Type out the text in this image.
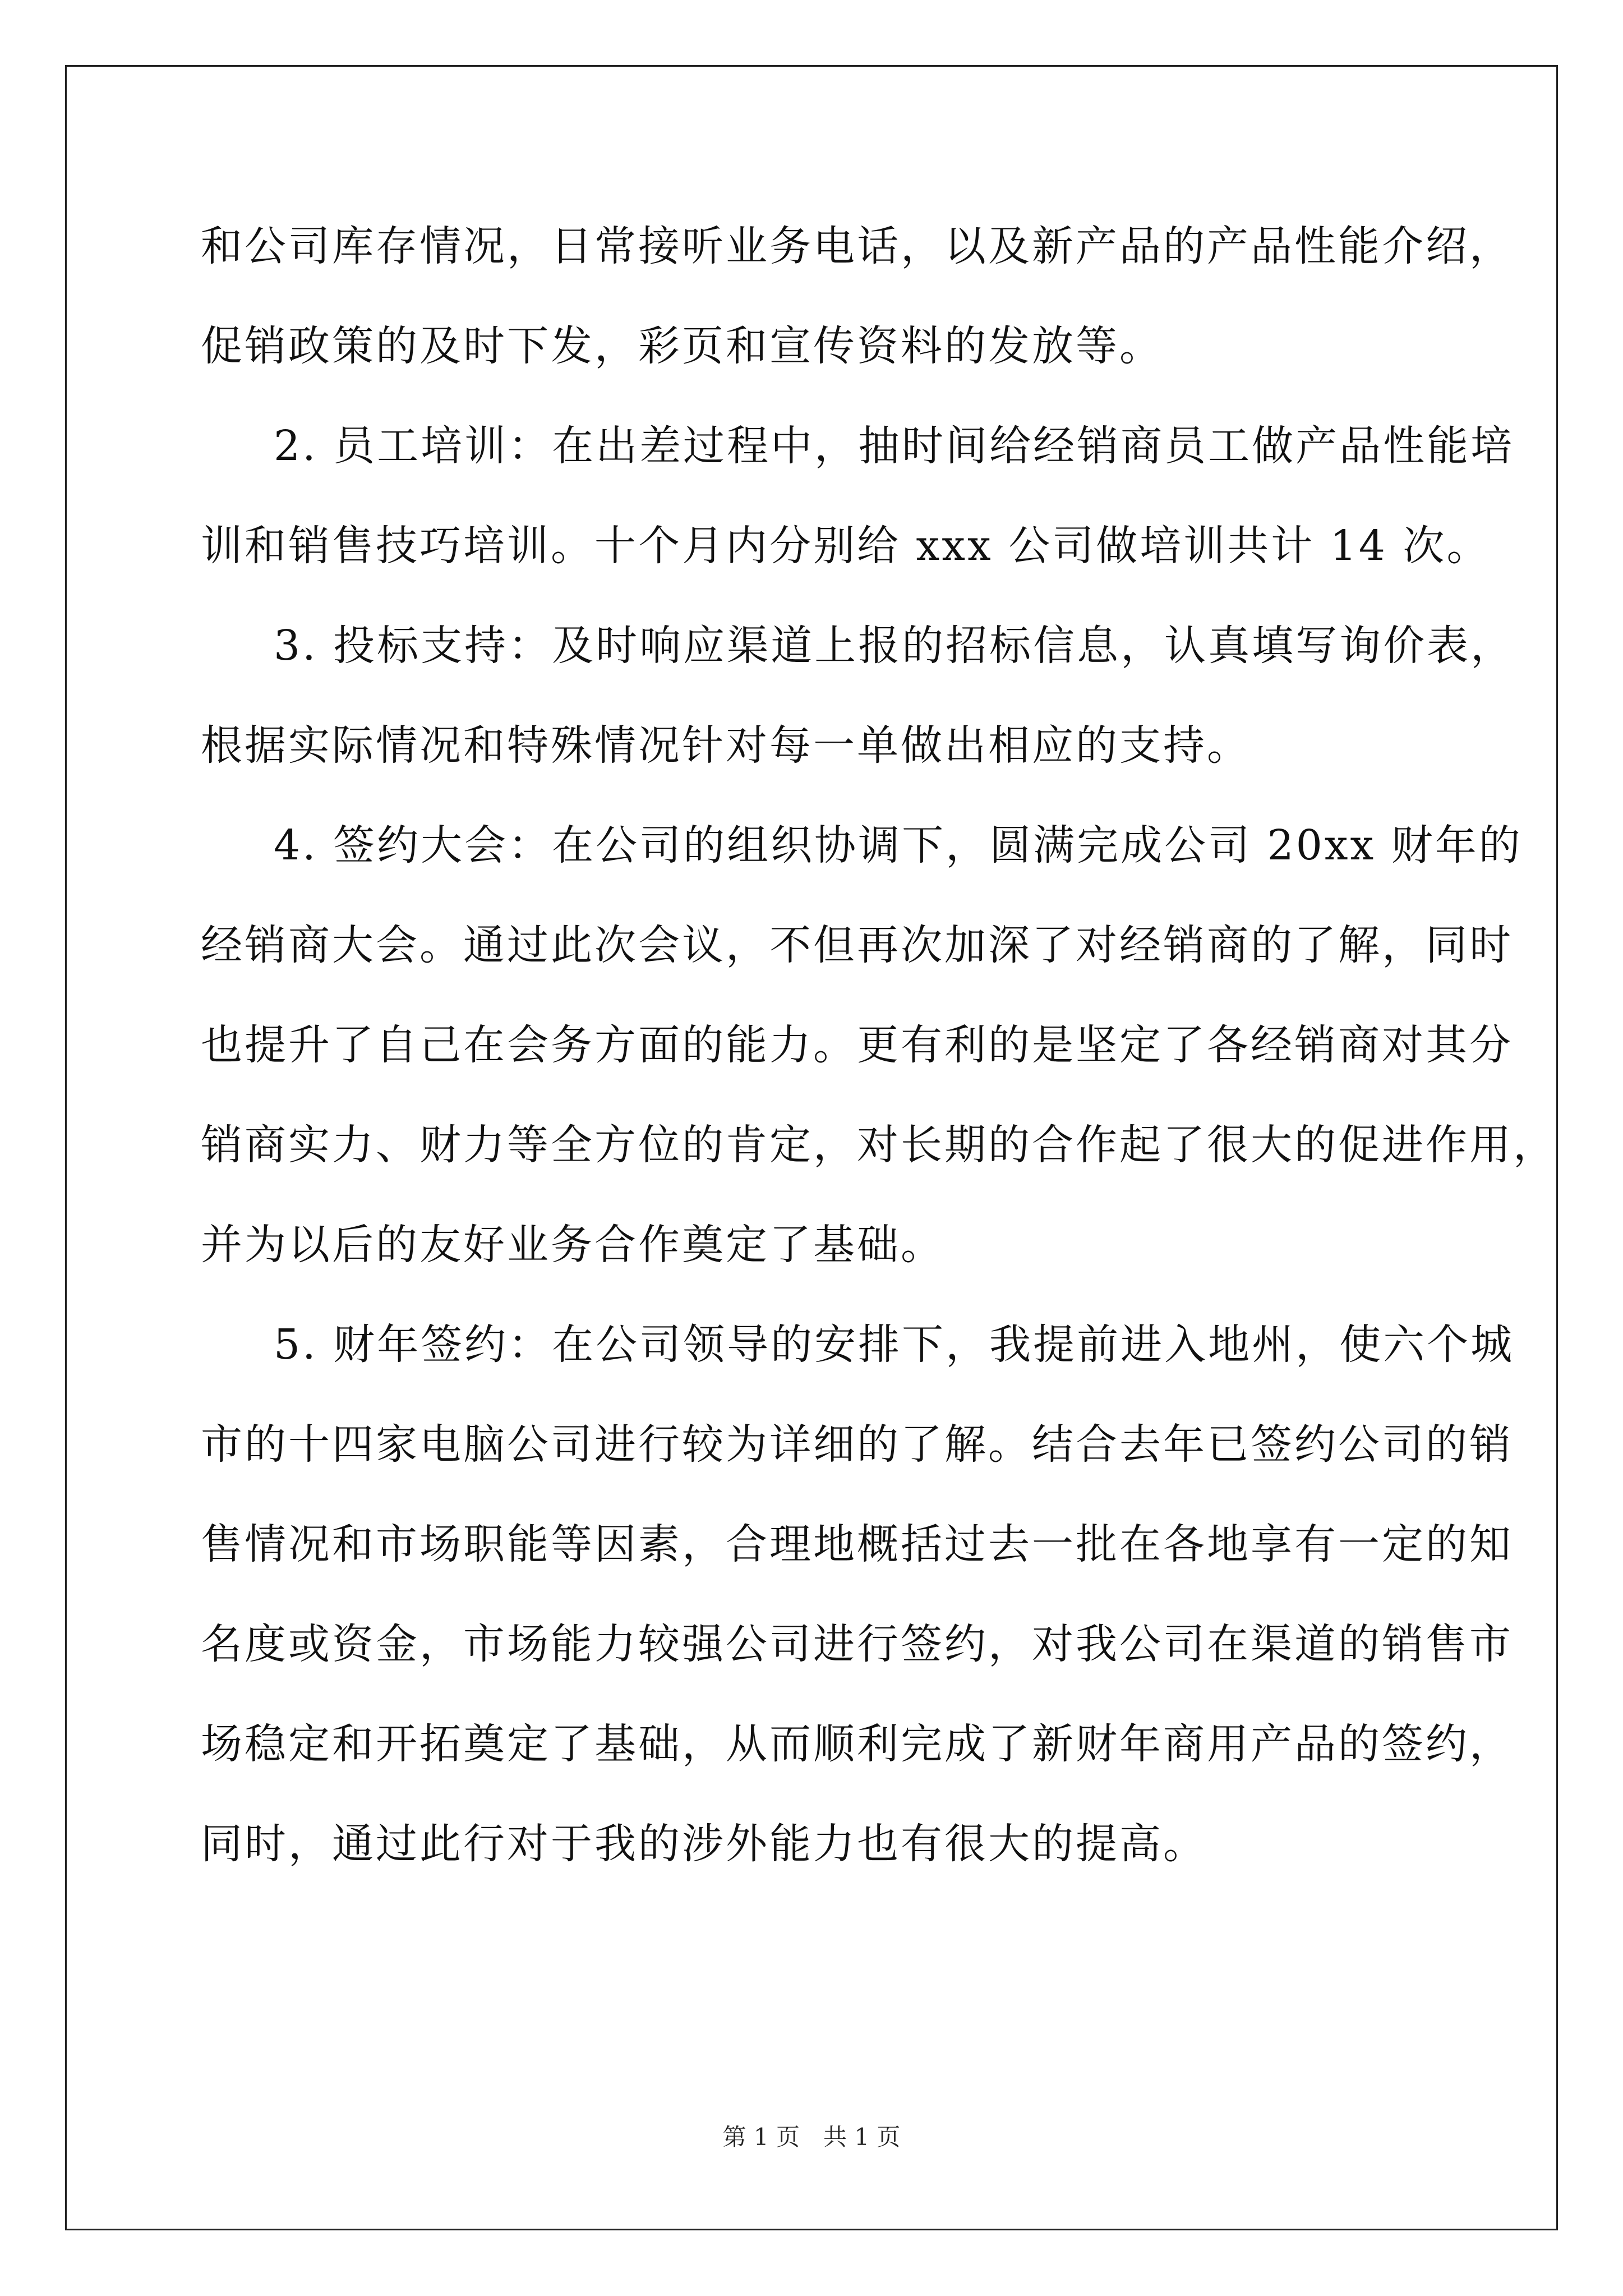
和公司库存情况，日常接听业务电话，以及新产品的产品性能介绍，
促销政策的及时下发，彩页和宣传资料的发放等。
2. 员工培训：在出差过程中，抽时间给经销商员工做产品性能培
训和销售技巧培训。十个月内分别给 xxx 公司做培训共计 14 次。
3. 投标支持：及时响应渠道上报的招标信息，认真填写询价表，
根据实际情况和特殊情况针对每一单做出相应的支持。
4. 签约大会：在公司的组织协调下，圆满完成公司 20xx 财年的
经销商大会。通过此次会议，不但再次加深了对经销商的了解，同时
也提升了自己在会务方面的能力。更有利的是坚定了各经销商对其分
销商实力、财力等全方位的肯定，对长期的合作起了很大的促进作用，
并为以后的友好业务合作奠定了基础。
5. 财年签约：在公司领导的安排下，我提前进入地州，使六个城
市的十四家电脑公司进行较为详细的了解。结合去年已签约公司的销
售情况和市场职能等因素，合理地概括过去一批在各地享有一定的知
名度或资金，市场能力较强公司进行签约，对我公司在渠道的销售市
场稳定和开拓奠定了基础，从而顺利完成了新财年商用产品的签约，
同时，通过此行对于我的涉外能力也有很大的提高。
第 1 页　共 1 页
